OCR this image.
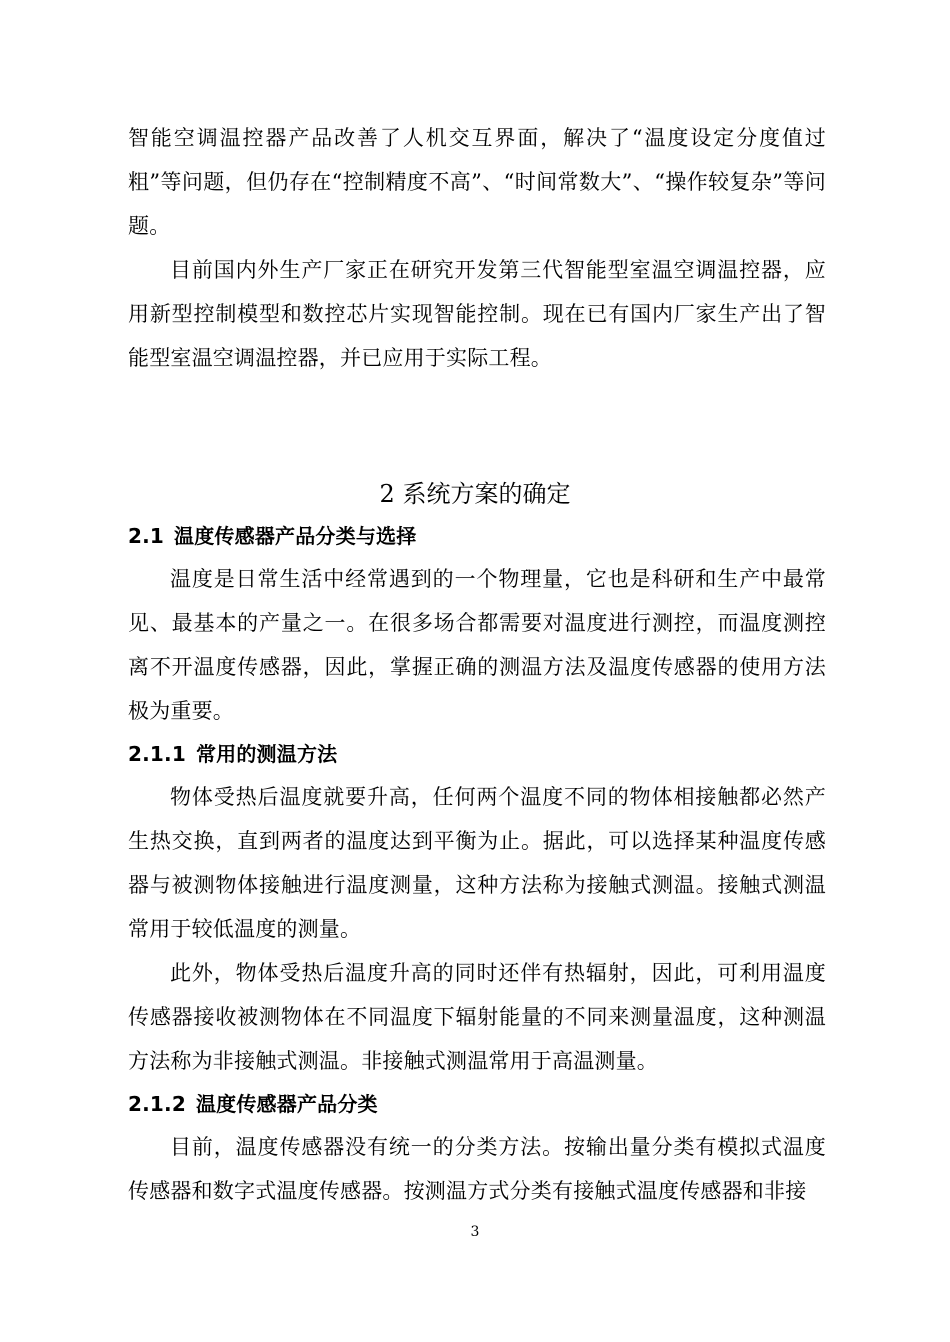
智能空调温控器产品改善了人机交互界面，解决了“温度设定分度值过粗”等问题，但仍存在“控制精度不高”、“时间常数大”、“操作较复杂”等问题。

目前国内外生产厂家正在研究开发第三代智能型室温空调温控器，应用新型控制模型和数控芯片实现智能控制。现在已有国内厂家生产出了智能型室温空调温控器，并已应用于实际工程。

2 系统方案的确定
2.1 温度传感器产品分类与选择

温度是日常生活中经常遇到的一个物理量，它也是科研和生产中最常见、最基本的产量之一。在很多场合都需要对温度进行测控，而温度测控离不开温度传感器，因此，掌握正确的测温方法及温度传感器的使用方法极为重要。

2.1.1 常用的测温方法

物体受热后温度就要升高，任何两个温度不同的物体相接触都必然产生热交换，直到两者的温度达到平衡为止。据此，可以选择某种温度传感器与被测物体接触进行温度测量，这种方法称为接触式测温。接触式测温常用于较低温度的测量。

此外，物体受热后温度升高的同时还伴有热辐射，因此，可利用温度传感器接收被测物体在不同温度下辐射能量的不同来测量温度，这种测温方法称为非接触式测温。非接触式测温常用于高温测量。

2.1.2 温度传感器产品分类

目前，温度传感器没有统一的分类方法。按输出量分类有模拟式温度传感器和数字式温度传感器。按测温方式分类有接触式温度传感器和非接

3
